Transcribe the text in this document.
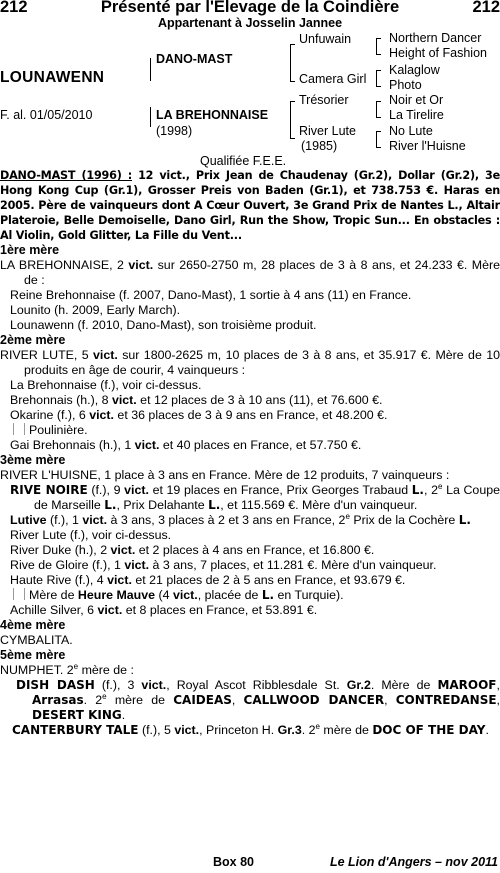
212	Présenté par l'Elevage de la Coindière	212
Appartenant à Josselin Jannee
LOUNAWENN
F. al. 01/05/2010
DANO-MAST
LA BREHONNAISE
(1998)
Unfuwain
Camera Girl
Trésorier
River Lute
(1985)
Northern Dancer
Height of Fashion
Kalaglow
Photo
Noir et Or
La Tirelire
No Lute
River l'Huisne
Qualifiée F.E.E.

DANO-MAST (1996) : 12 vict., Prix Jean de Chaudenay (Gr.2), Dollar (Gr.2), 3e Hong Kong Cup (Gr.1), Grosser Preis von Baden (Gr.1), et 738.753 €. Haras en 2005. Père de vainqueurs dont A Cœur Ouvert, 3e Grand Prix de Nantes L., Altair Plateroie, Belle Demoiselle, Dano Girl, Run the Show, Tropic Sun... En obstacles : Al Violin, Gold Glitter, La Fille du Vent...

1ère mère

LA BREHONNAISE, 2 vict. sur 2650-2750 m, 28 places de 3 à 8 ans, et 24.233 €. Mère de :

Reine Brehonnaise (f. 2007, Dano-Mast), 1 sortie à 4 ans (11) en France.

Lounito (h. 2009, Early March).

Lounawenn (f. 2010, Dano-Mast), son troisième produit.

2ème mère

RIVER LUTE, 5 vict. sur 1800-2625 m, 10 places de 3 à 8 ans, et 35.917 €. Mère de 10 produits en âge de courir, 4 vainqueurs :

La Brehonnaise (f.), voir ci-dessus.

Brehonnais (h.), 8 vict. et 12 places de 3 à 10 ans (11), et 76.600 €.

Okarine (f.), 6 vict. et 36 places de 3 à 9 ans en France, et 48.200 €.

Poulinière.

Gai Brehonnais (h.), 1 vict. et 40 places en France, et 57.750 €.

3ème mère

RIVER L'HUISNE, 1 place à 3 ans en France. Mère de 12 produits, 7 vainqueurs :

RIVE NOIRE (f.), 9 vict. et 19 places en France, Prix Georges Trabaud L., 2e La Coupe de Marseille L., Prix Delahante L., et 115.569 €. Mère d'un vainqueur.

Lutive (f.), 1 vict. à 3 ans, 3 places à 2 et 3 ans en France, 2e Prix de la Cochère L.

River Lute (f.), voir ci-dessus.

River Duke (h.), 2 vict. et 2 places à 4 ans en France, et 16.800 €.

Rive de Gloire (f.), 1 vict. à 3 ans, 7 places, et 11.281 €. Mère d'un vainqueur.

Haute Rive (f.), 4 vict. et 21 places de 2 à 5 ans en France, et 93.679 €.

Mère de Heure Mauve (4 vict., placée de L. en Turquie).

Achille Silver, 6 vict. et 8 places en France, et 53.891 €.

4ème mère

CYMBALITA.

5ème mère

NUMPHET. 2e mère de :

DISH DASH (f.), 3 vict., Royal Ascot Ribblesdale St. Gr.2. Mère de MAROOF, Arrasas. 2e mère de CAIDEAS, CALLWOOD DANCER, CONTREDANSE, DESERT KING.

CANTERBURY TALE (f.), 5 vict., Princeton H. Gr.3. 2e mère de DOC OF THE DAY.

Box 80	Le Lion d'Angers – nov 2011
